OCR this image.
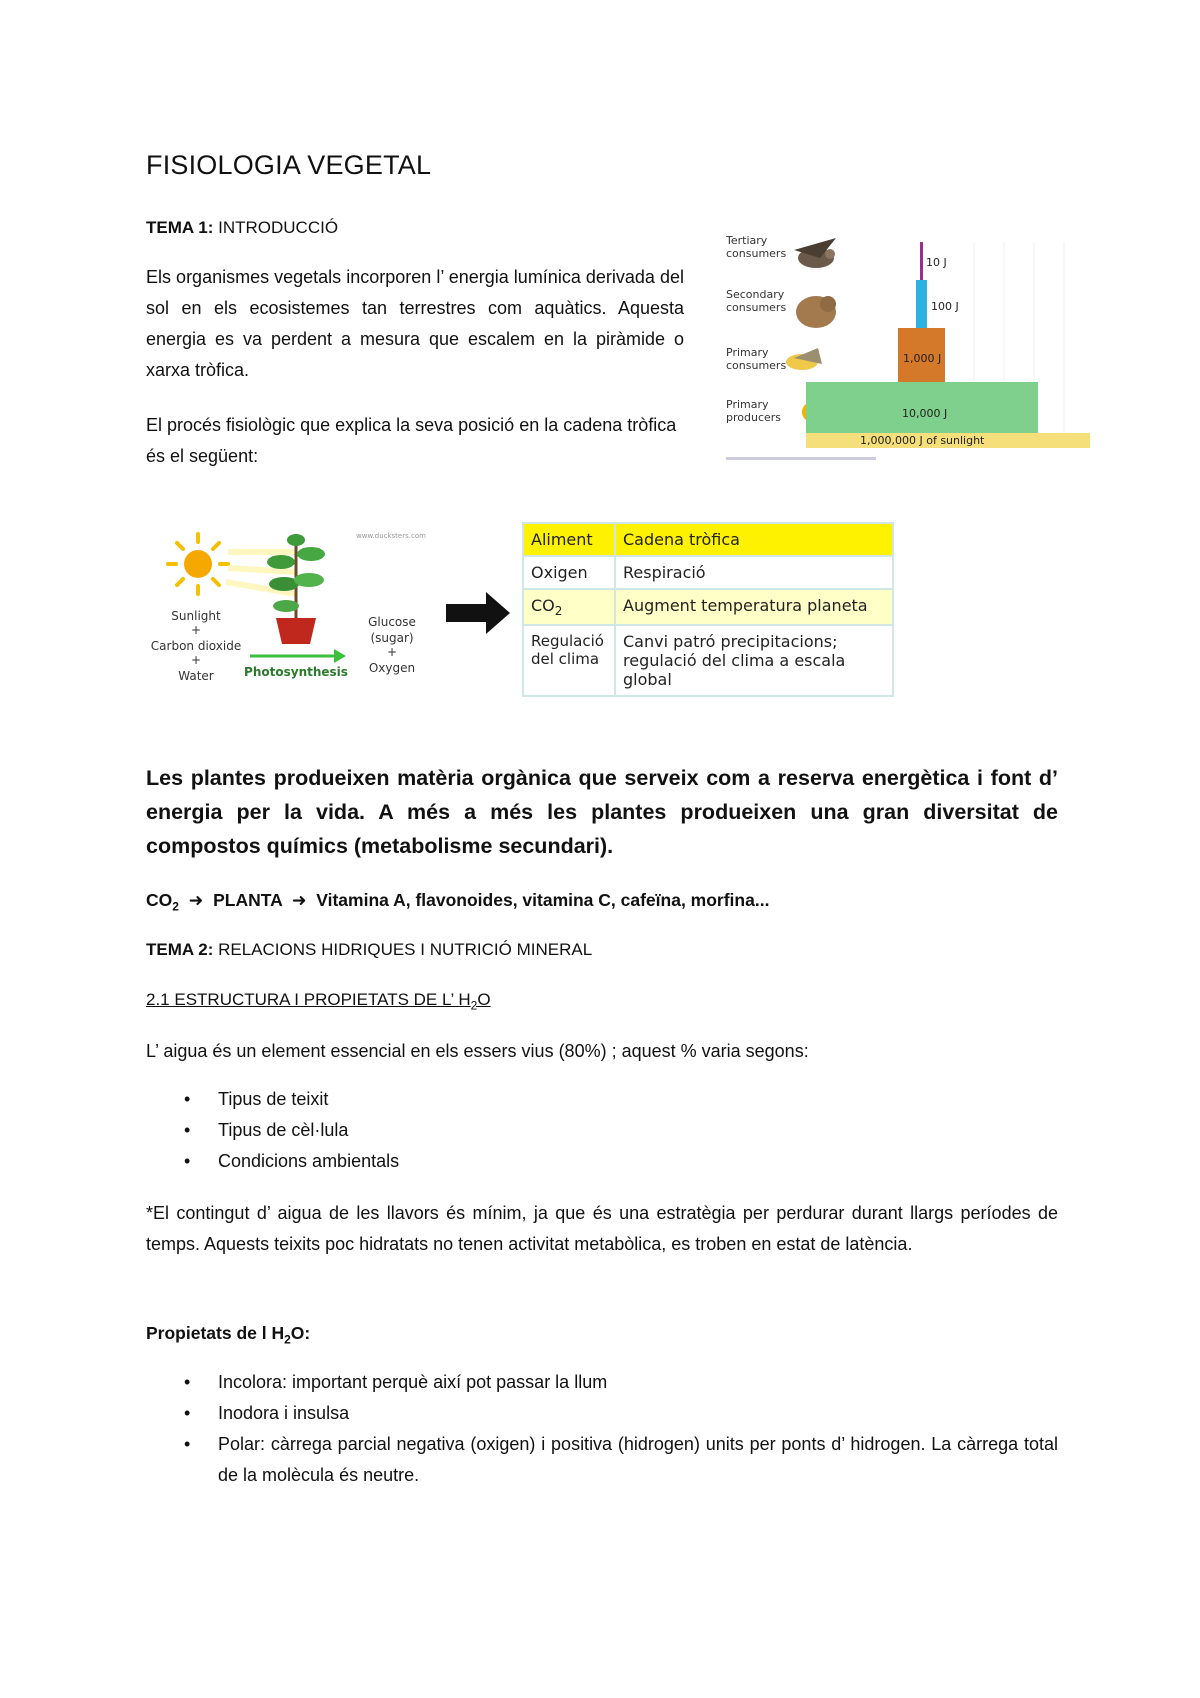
FISIOLOGIA VEGETAL
TEMA 1: INTRODUCCIÓ
Els organismes vegetals incorporen l’ energia lumínica derivada del sol en els ecosistemes tan terrestres com aquàtics. Aquesta energia es va perdent a mesura que escalem en la piràmide o xarxa tròfica.
El procés fisiològic que explica la seva posició en la cadena tròfica és el següent:
Tertiary
consumers
Secondary
consumers
Primary
consumers
Primary
producers
10 J
100 J
1,000 J
10,000 J
1,000,000 J of sunlight
www.ducksters.com
Sunlight
+
Carbon dioxide
+
Water
Glucose
(sugar)
+
Oxygen
Photosynthesis
Aliment	Cadena tròfica
Oxigen	Respiració
$CO_2$	Augment temperatura planeta
Regulació del clima	Canvi patró precipitacions; regulació del clima a escala global
Les plantes produeixen matèria orgànica que serveix com a reserva energètica i font d’ energia per la vida. A més a més les plantes produeixen una gran diversitat de compostos químics (metabolisme secundari).
$CO_2$  ➜  PLANTA  ➜  Vitamina A, flavonoides, vitamina C, cafeïna, morfina...
TEMA 2: RELACIONS HIDRIQUES I NUTRICIÓ MINERAL
2.1 ESTRUCTURA I PROPIETATS DE L’ $H_2O$
L’ aigua és un element essencial en els essers vius (80%) ; aquest % varia segons:
• Tipus de teixit
• Tipus de cèl·lula
• Condicions ambientals
*El contingut d’ aigua de les llavors és mínim, ja que és una estratègia per perdurar durant llargs períodes de temps. Aquests teixits poc hidratats no tenen activitat metabòlica, es troben en estat de latència.
Propietats de l $H_2O$:
• Incolora: important perquè així pot passar la llum
• Inodora i insulsa
• Polar: càrrega parcial negativa (oxigen) i positiva (hidrogen) units per ponts d’ hidrogen. La càrrega total de la molècula és neutre.
